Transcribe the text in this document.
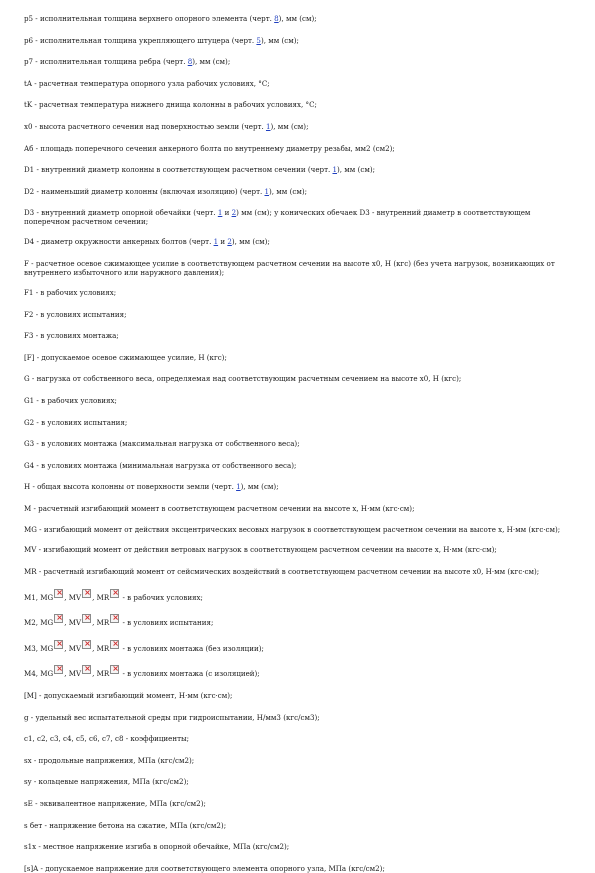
p5 - исполнительная толщина верхнего опорного элемента (черт. 8), мм (см);

p6 - исполнительная толщина укрепляющего штуцера (черт. 5), мм (см);

p7 - исполнительная толщина ребра (черт. 8), мм (см);

tA - расчетная температура опорного узла рабочих условиях, °С;

tK - расчетная температура нижнего днища колонны в рабочих условиях, °С;

x0 - высота расчетного сечения над поверхностью земли (черт. 1), мм (см);

Aб - площадь поперечного сечения анкерного болта по внутреннему диаметру резьбы, мм2 (см2);

D1 - внутренний диаметр колонны в соответствующем расчетном сечении (черт. 1), мм (см);

D2 - наименьший диаметр колонны (включая изоляцию) (черт. 1), мм (см);

D3 - внутренний диаметр опорной обечайки (черт. 1 и 2) мм (см); у конических обечаек D3 - внутренний диаметр в соответствующем поперечном расчетном сечении;

D4 - диаметр окружности анкерных болтов (черт. 1 и 2), мм (см);

F - расчетное осевое сжимающее усилие в соответствующем расчетном сечении на высоте x0, H (кгс) (без учета нагрузок, возникающих от внутреннего избыточного или наружного давления);

F1 - в рабочих условиях;

F2 - в условиях испытания;

F3 - в условиях монтажа;

[F] - допускаемое осевое сжимающее усилие, Н (кгс);

G - нагрузка от собственного веса, определяемая над соответствующим расчетным сечением на высоте x0, Н (кгс);

G1 - в рабочих условиях;

G2 - в условиях испытания;

G3 - в условиях монтажа (максимальная нагрузка от собственного веса);

G4 - в условиях монтажа (минимальная нагрузка от собственного веса);

H - общая высота колонны от поверхности земли (черт. 1), мм (см);

M - расчетный изгибающий момент в соответствующем расчетном сечении на высоте x, Н·мм (кгс·см);

MG - изгибающий момент от действия эксцентрических весовых нагрузок в соответствующем расчетном сечении на высоте x, Н·мм (кгс·см);

MV - изгибающий момент от действия ветровых нагрузок в соответствующем расчетном сечении на высоте x, Н·мм (кгс·см);

MR - расчетный изгибающий момент от сейсмических воздействий в соответствующем расчетном сечении на высоте x0, Н·мм (кгс·см);

M1, MG × , MV × , MR× - в рабочих условиях;

M2, MG × , MV × , MR× - в условиях испытания;

M3, MG × , MV × , MR× - в условиях монтажа (без изоляции);

M4, MG × , MV × , MR× - в условиях монтажа (с изоляцией);

[M] - допускаемый изгибающий момент, Н·мм (кгс·см);

g - удельный вес испытательной среды при гидроиспытании, Н/мм3 (кгс/см3);

c1, c2, c3, c4, c5, c6, c7, c8 - коэффициенты;

sx - продольные напряжения, МПа (кгс/см2);

sy - кольцевые напряжения, МПа (кгс/см2);

sE - эквивалентное напряжение, МПа (кгс/см2);

s бет - напряжение бетона на сжатие, МПа (кгс/см2);

s1x - местное напряжение изгиба в опорной обечайке, МПа (кгс/см2);

[s]A - допускаемое напряжение для соответствующего элемента опорного узла, МПа (кгс/см2);
